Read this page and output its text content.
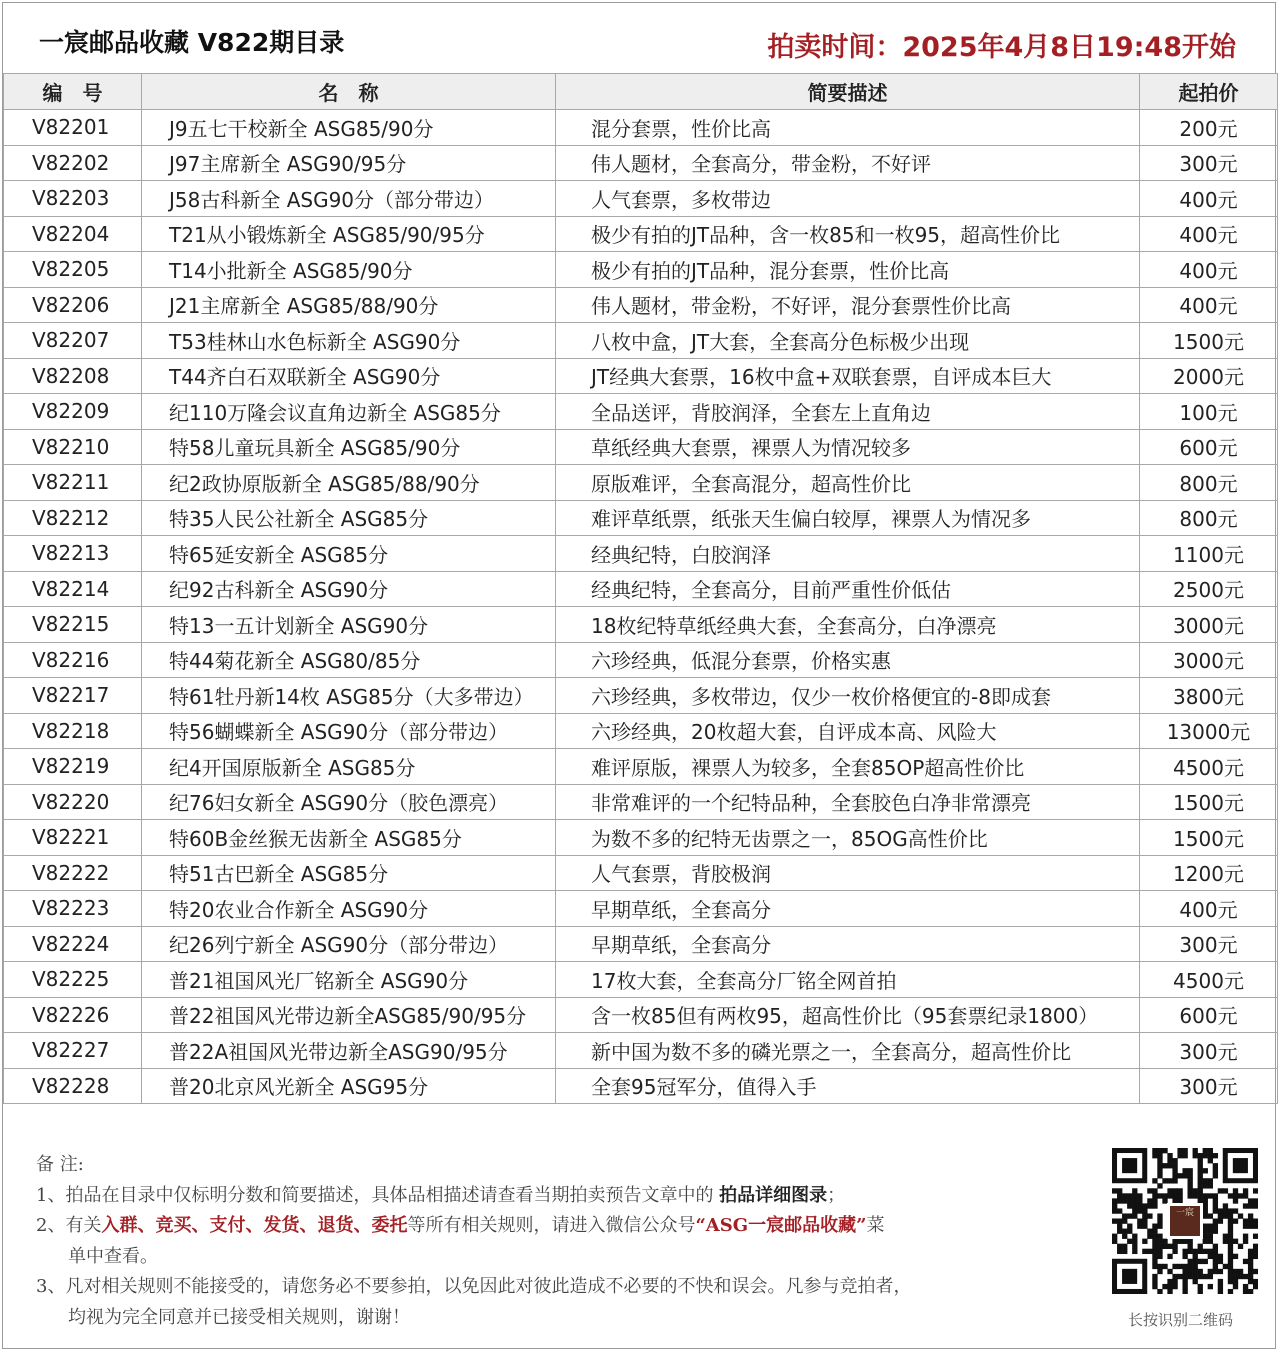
一宸邮品收藏 V822期目录	拍卖时间：2025年4月8日19:48开始
编　号	名　称	简要描述	起拍价
V82201	J9五七干校新全 ASG85/90分	混分套票，性价比高	200元
V82202	J97主席新全 ASG90/95分	伟人题材，全套高分，带金粉，不好评	300元
V82203	J58古科新全 ASG90分（部分带边）	人气套票，多枚带边	400元
V82204	T21从小锻炼新全 ASG85/90/95分	极少有拍的JT品种，含一枚85和一枚95，超高性价比	400元
V82205	T14小批新全 ASG85/90分	极少有拍的JT品种，混分套票，性价比高	400元
V82206	J21主席新全 ASG85/88/90分	伟人题材，带金粉，不好评，混分套票性价比高	400元
V82207	T53桂林山水色标新全 ASG90分	八枚中盒，JT大套，全套高分色标极少出现	1500元
V82208	T44齐白石双联新全 ASG90分	JT经典大套票，16枚中盒+双联套票，自评成本巨大	2000元
V82209	纪110万隆会议直角边新全 ASG85分	全品送评，背胶润泽，全套左上直角边	100元
V82210	特58儿童玩具新全 ASG85/90分	草纸经典大套票，裸票人为情况较多	600元
V82211	纪2政协原版新全 ASG85/88/90分	原版难评，全套高混分，超高性价比	800元
V82212	特35人民公社新全 ASG85分	难评草纸票，纸张天生偏白较厚，裸票人为情况多	800元
V82213	特65延安新全 ASG85分	经典纪特，白胶润泽	1100元
V82214	纪92古科新全 ASG90分	经典纪特，全套高分，目前严重性价低估	2500元
V82215	特13一五计划新全 ASG90分	18枚纪特草纸经典大套，全套高分，白净漂亮	3000元
V82216	特44菊花新全 ASG80/85分	六珍经典，低混分套票，价格实惠	3000元
V82217	特61牡丹新14枚 ASG85分（大多带边）	六珍经典，多枚带边，仅少一枚价格便宜的-8即成套	3800元
V82218	特56蝴蝶新全 ASG90分（部分带边）	六珍经典，20枚超大套，自评成本高、风险大	13000元
V82219	纪4开国原版新全 ASG85分	难评原版，裸票人为较多，全套85OP超高性价比	4500元
V82220	纪76妇女新全 ASG90分（胶色漂亮）	非常难评的一个纪特品种，全套胶色白净非常漂亮	1500元
V82221	特60B金丝猴无齿新全 ASG85分	为数不多的纪特无齿票之一，85OG高性价比	1500元
V82222	特51古巴新全 ASG85分	人气套票，背胶极润	1200元
V82223	特20农业合作新全 ASG90分	早期草纸，全套高分	400元
V82224	纪26列宁新全 ASG90分（部分带边）	早期草纸，全套高分	300元
V82225	普21祖国风光厂铭新全 ASG90分	17枚大套，全套高分厂铭全网首拍	4500元
V82226	普22祖国风光带边新全ASG85/90/95分	含一枚85但有两枚95，超高性价比（95套票纪录1800）	600元
V82227	普22A祖国风光带边新全ASG90/95分	新中国为数不多的磷光票之一，全套高分，超高性价比	300元
V82228	普20北京风光新全 ASG95分	全套95冠军分，值得入手	300元
备 注:
1、拍品在目录中仅标明分数和简要描述，具体品相描述请查看当期拍卖预告文章中的 拍品详细图录；
2、有关入群、竞买、支付、发货、退货、委托等所有相关规则，请进入微信公众号“ASG一宸邮品收藏”菜
单中查看。
3、凡对相关规则不能接受的，请您务必不要参拍，以免因此对彼此造成不必要的不快和误会。凡参与竞拍者，
均视为完全同意并已接受相关规则，谢谢！
一宸
长按识别二维码
